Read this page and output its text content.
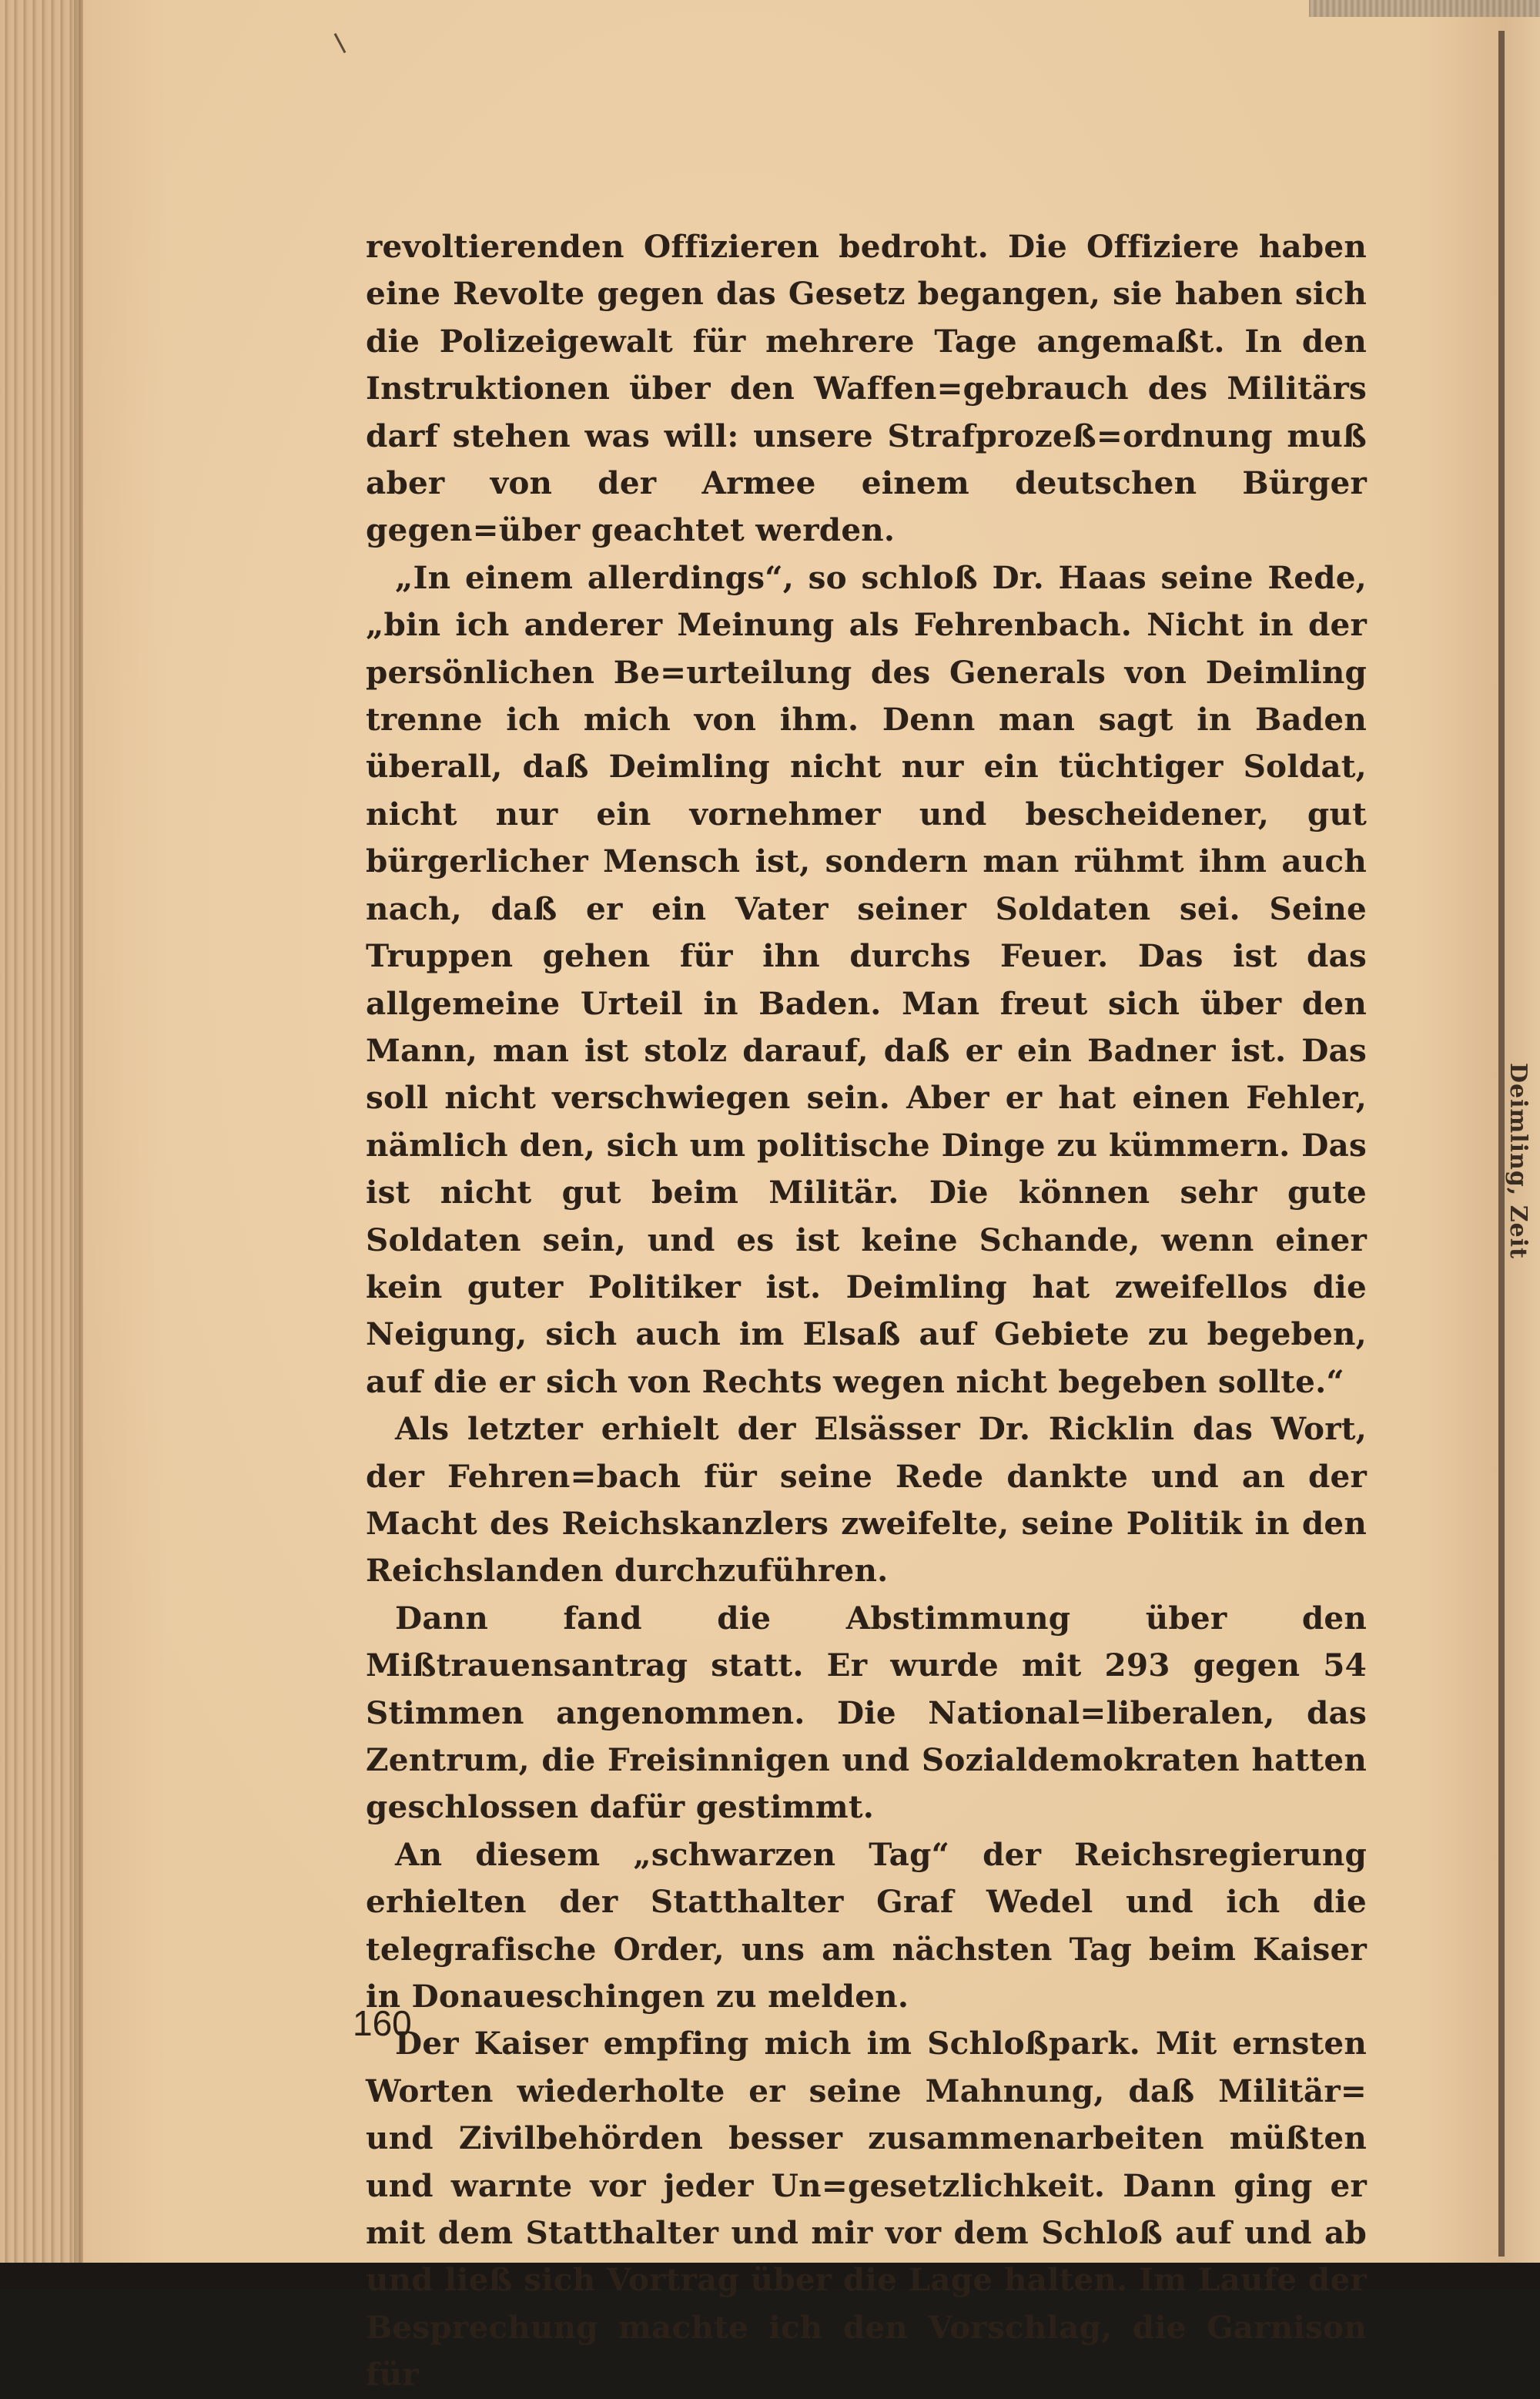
revoltierenden Offizieren bedroht. Die Offiziere haben eine Revolte gegen das Gesetz begangen, sie haben sich die Polizeigewalt für mehrere Tage angemaßt. In den Instruktionen über den Waffen=gebrauch des Militärs darf stehen was will: unsere Strafprozeß=ordnung muß aber von der Armee einem deutschen Bürger gegen=über geachtet werden.

„In einem allerdings“, so schloß Dr. Haas seine Rede, „bin ich anderer Meinung als Fehrenbach. Nicht in der persönlichen Be=urteilung des Generals von Deimling trenne ich mich von ihm. Denn man sagt in Baden überall, daß Deimling nicht nur ein tüchtiger Soldat, nicht nur ein vornehmer und bescheidener, gut bürgerlicher Mensch ist, sondern man rühmt ihm auch nach, daß er ein Vater seiner Soldaten sei. Seine Truppen gehen für ihn durchs Feuer. Das ist das allgemeine Urteil in Baden. Man freut sich über den Mann, man ist stolz darauf, daß er ein Badner ist. Das soll nicht verschwiegen sein. Aber er hat einen Fehler, nämlich den, sich um politische Dinge zu kümmern. Das ist nicht gut beim Militär. Die können sehr gute Soldaten sein, und es ist keine Schande, wenn einer kein guter Politiker ist. Deimling hat zweifellos die Neigung, sich auch im Elsaß auf Gebiete zu begeben, auf die er sich von Rechts wegen nicht begeben sollte.“

Als letzter erhielt der Elsässer Dr. Ricklin das Wort, der Fehren=bach für seine Rede dankte und an der Macht des Reichskanzlers zweifelte, seine Politik in den Reichslanden durchzuführen.

Dann fand die Abstimmung über den Mißtrauensantrag statt. Er wurde mit 293 gegen 54 Stimmen angenommen. Die National=liberalen, das Zentrum, die Freisinnigen und Sozialdemokraten hatten geschlossen dafür gestimmt.

An diesem „schwarzen Tag“ der Reichsregierung erhielten der Statthalter Graf Wedel und ich die telegrafische Order, uns am nächsten Tag beim Kaiser in Donaueschingen zu melden.

Der Kaiser empfing mich im Schloßpark. Mit ernsten Worten wiederholte er seine Mahnung, daß Militär= und Zivilbehörden besser zusammenarbeiten müßten und warnte vor jeder Un=gesetzlichkeit. Dann ging er mit dem Statthalter und mir vor dem Schloß auf und ab und ließ sich Vortrag über die Lage halten. Im Laufe der Besprechung machte ich den Vorschlag, die Garnison für

160
Deimling, Zeit
